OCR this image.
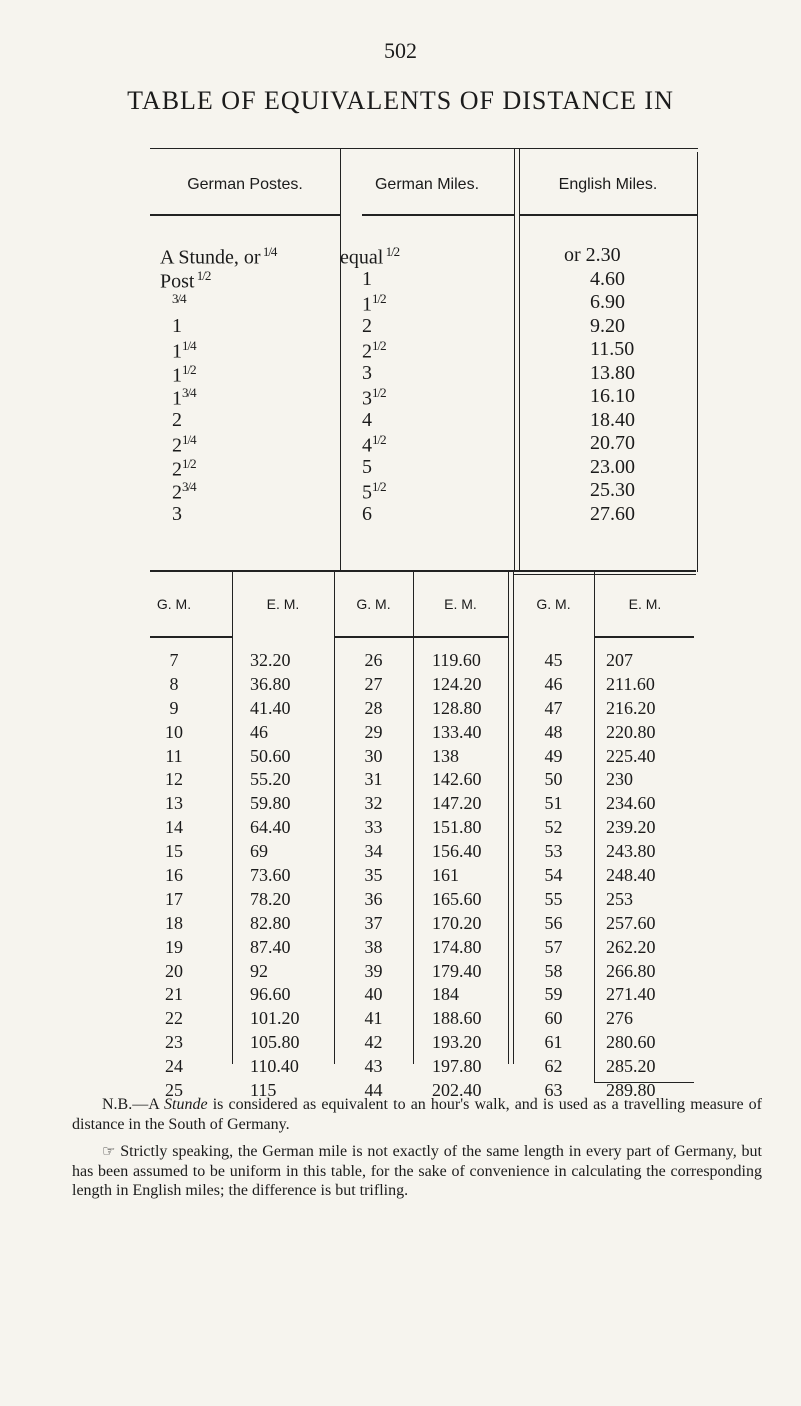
502
TABLE OF EQUIVALENTS OF DISTANCE IN
German Postes.	German Miles.	English Miles.
A Stunde, or $^{1/4}$	equal $^{1/2}$	or 2.30
Post $^{1/2}$	1	4.60
$^{3/4}$	$1^{1/2}$	6.90
1	2	9.20
$1^{1/4}$	$2^{1/2}$	11.50
$1^{1/2}$	3	13.80
$1^{3/4}$	$3^{1/2}$	16.10
2	4	18.40
$2^{1/4}$	$4^{1/2}$	20.70
$2^{1/2}$	5	23.00
$2^{3/4}$	$5^{1/2}$	25.30
3	6	27.60
G. M.	E. M.	G. M.	E. M.	G. M.	E. M.
7	32.20	26	119.60	45	207
8	36.80	27	124.20	46	211.60
9	41.40	28	128.80	47	216.20
10	46	29	133.40	48	220.80
11	50.60	30	138	49	225.40
12	55.20	31	142.60	50	230
13	59.80	32	147.20	51	234.60
14	64.40	33	151.80	52	239.20
15	69	34	156.40	53	243.80
16	73.60	35	161	54	248.40
17	78.20	36	165.60	55	253
18	82.80	37	170.20	56	257.60
19	87.40	38	174.80	57	262.20
20	92	39	179.40	58	266.80
21	96.60	40	184	59	271.40
22	101.20	41	188.60	60	276
23	105.80	42	193.20	61	280.60
24	110.40	43	197.80	62	285.20
25	115	44	202.40	63	289.80

N.B.—A Stunde is considered as equivalent to an hour's walk, and is used as a travelling measure of distance in the South of Germany.

☞ Strictly speaking, the German mile is not exactly of the same length in every part of Germany, but has been assumed to be uniform in this table, for the sake of convenience in calculating the corresponding length in English miles; the difference is but trifling.
